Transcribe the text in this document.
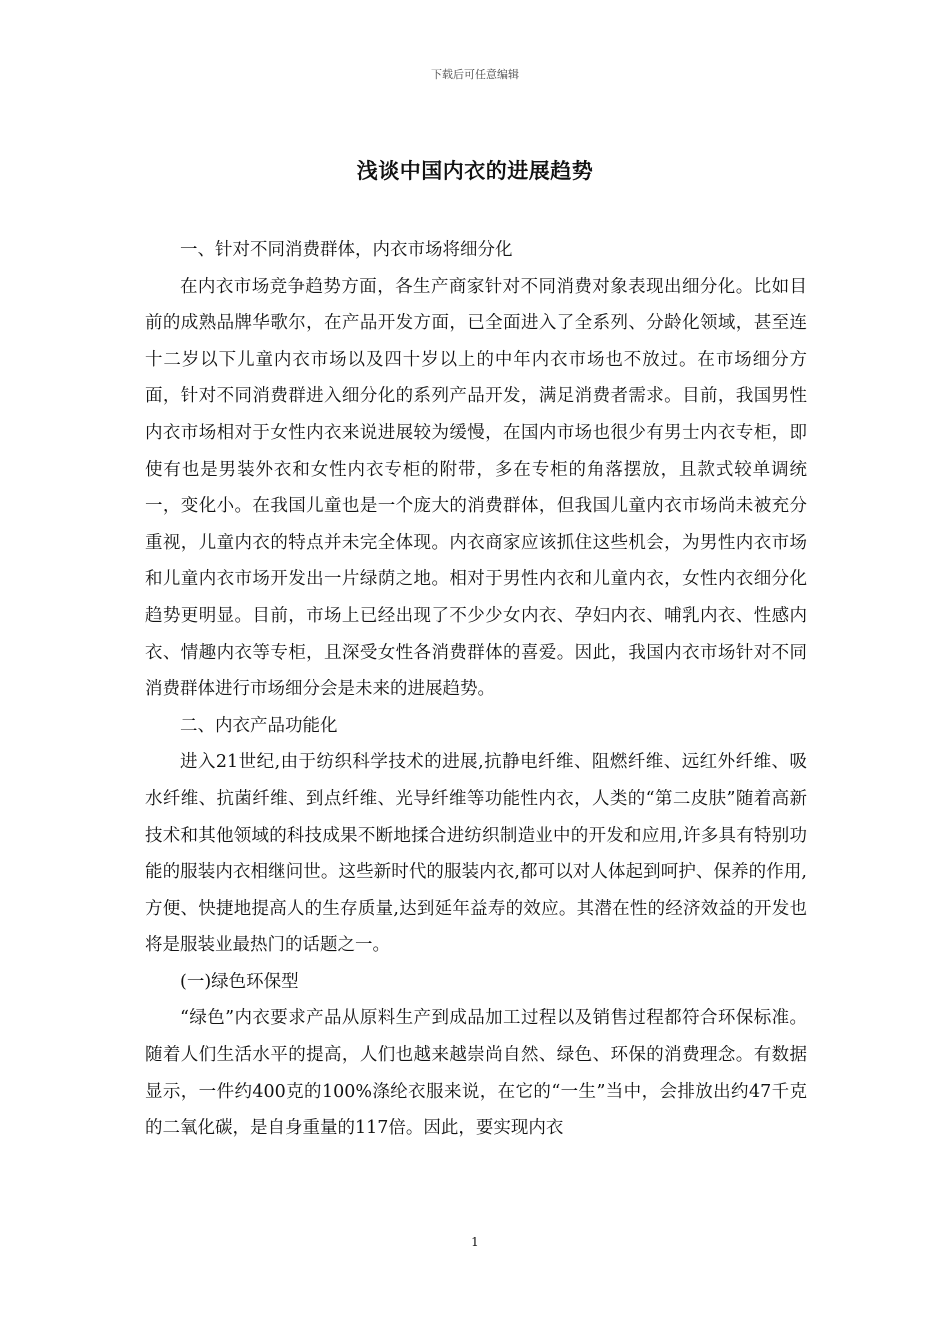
下载后可任意编辑
浅谈中国内衣的进展趋势

一、针对不同消费群体，内衣市场将细分化

在内衣市场竞争趋势方面，各生产商家针对不同消费对象表现出细分化。比如目前的成熟品牌华歌尔，在产品开发方面，已全面进入了全系列、分龄化领域，甚至连十二岁以下儿童内衣市场以及四十岁以上的中年内衣市场也不放过。在市场细分方面，针对不同消费群进入细分化的系列产品开发，满足消费者需求。目前，我国男性内衣市场相对于女性内衣来说进展较为缓慢，在国内市场也很少有男士内衣专柜，即使有也是男装外衣和女性内衣专柜的附带，多在专柜的角落摆放，且款式较单调统一，变化小。在我国儿童也是一个庞大的消费群体，但我国儿童内衣市场尚未被充分重视，儿童内衣的特点并未完全体现。内衣商家应该抓住这些机会，为男性内衣市场和儿童内衣市场开发出一片绿荫之地。相对于男性内衣和儿童内衣，女性内衣细分化趋势更明显。目前，市场上已经出现了不少少女内衣、孕妇内衣、哺乳内衣、性感内衣、情趣内衣等专柜，且深受女性各消费群体的喜爱。因此，我国内衣市场针对不同消费群体进行市场细分会是未来的进展趋势。

二、内衣产品功能化

进入21世纪,由于纺织科学技术的进展,抗静电纤维、阻燃纤维、远红外纤维、吸水纤维、抗菌纤维、到点纤维、光导纤维等功能性内衣，人类的“第二皮肤”随着高新技术和其他领域的科技成果不断地揉合进纺织制造业中的开发和应用,许多具有特别功能的服装内衣相继问世。这些新时代的服装内衣,都可以对人体起到呵护、保养的作用,方便、快捷地提高人的生存质量,达到延年益寿的效应。其潜在性的经济效益的开发也将是服装业最热门的话题之一。

(一)绿色环保型

“绿色”内衣要求产品从原料生产到成品加工过程以及销售过程都符合环保标准。随着人们生活水平的提高，人们也越来越崇尚自然、绿色、环保的消费理念。有数据显示，一件约400克的100%涤纶衣服来说，在它的“一生”当中，会排放出约47千克的二氧化碳，是自身重量的117倍。因此，要实现内衣

1
